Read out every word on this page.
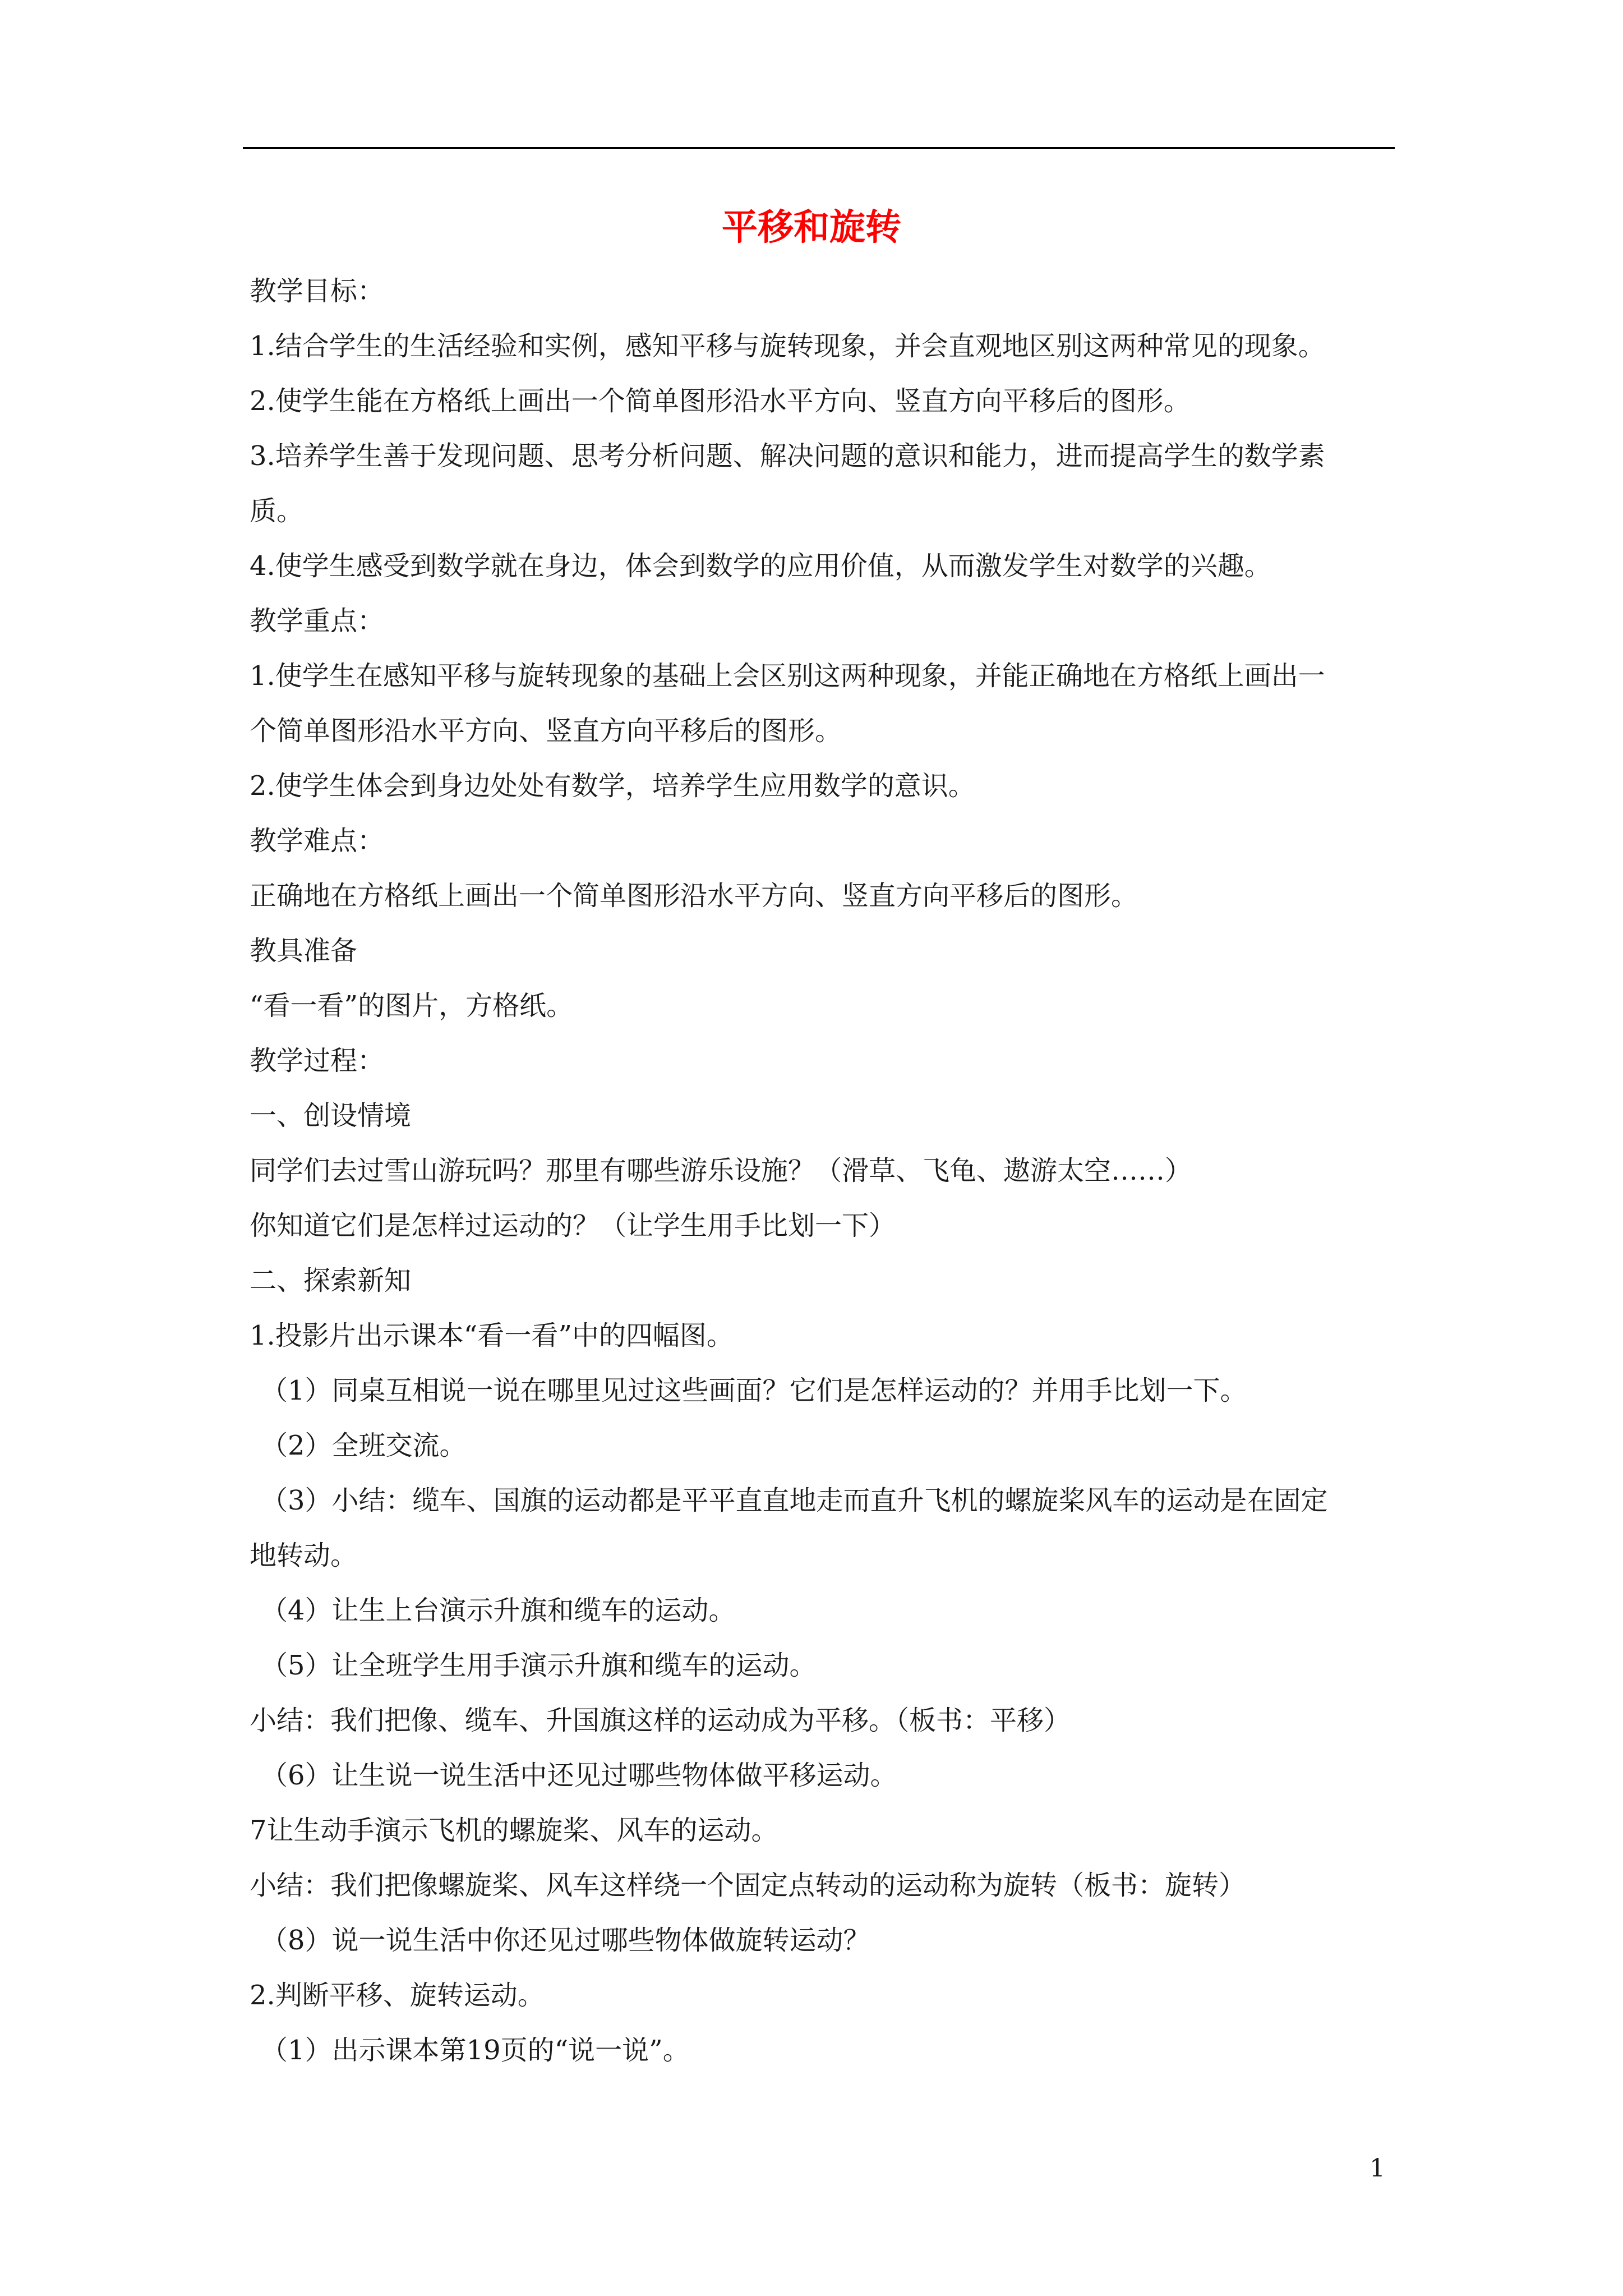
平移和旋转
教学目标：
1.结合学生的生活经验和实例，感知平移与旋转现象，并会直观地区别这两种常见的现象。
2.使学生能在方格纸上画出一个简单图形沿水平方向、竖直方向平移后的图形。
3.培养学生善于发现问题、思考分析问题、解决问题的意识和能力，进而提高学生的数学素
质。
4.使学生感受到数学就在身边，体会到数学的应用价值，从而激发学生对数学的兴趣。
教学重点：
1.使学生在感知平移与旋转现象的基础上会区别这两种现象，并能正确地在方格纸上画出一
个简单图形沿水平方向、竖直方向平移后的图形。
2.使学生体会到身边处处有数学，培养学生应用数学的意识。
教学难点：
正确地在方格纸上画出一个简单图形沿水平方向、竖直方向平移后的图形。
教具准备
“看一看”的图片，方格纸。
教学过程：
一、创设情境
同学们去过雪山游玩吗？那里有哪些游乐设施？（滑草、飞龟、遨游太空……）
你知道它们是怎样过运动的？（让学生用手比划一下）
二、探索新知
1.投影片出示课本“看一看”中的四幅图。
（1）同桌互相说一说在哪里见过这些画面？它们是怎样运动的？并用手比划一下。
（2）全班交流。
（3）小结：缆车、国旗的运动都是平平直直地走而直升飞机的螺旋桨风车的运动是在固定
地转动。
（4）让生上台演示升旗和缆车的运动。
（5）让全班学生用手演示升旗和缆车的运动。
小结：我们把像、缆车、升国旗这样的运动成为平移。（板书：平移）
（6）让生说一说生活中还见过哪些物体做平移运动。
7让生动手演示飞机的螺旋桨、风车的运动。
小结：我们把像螺旋桨、风车这样绕一个固定点转动的运动称为旋转（板书：旋转）
（8）说一说生活中你还见过哪些物体做旋转运动？
2.判断平移、旋转运动。
（1）出示课本第19页的“说一说”。
1
